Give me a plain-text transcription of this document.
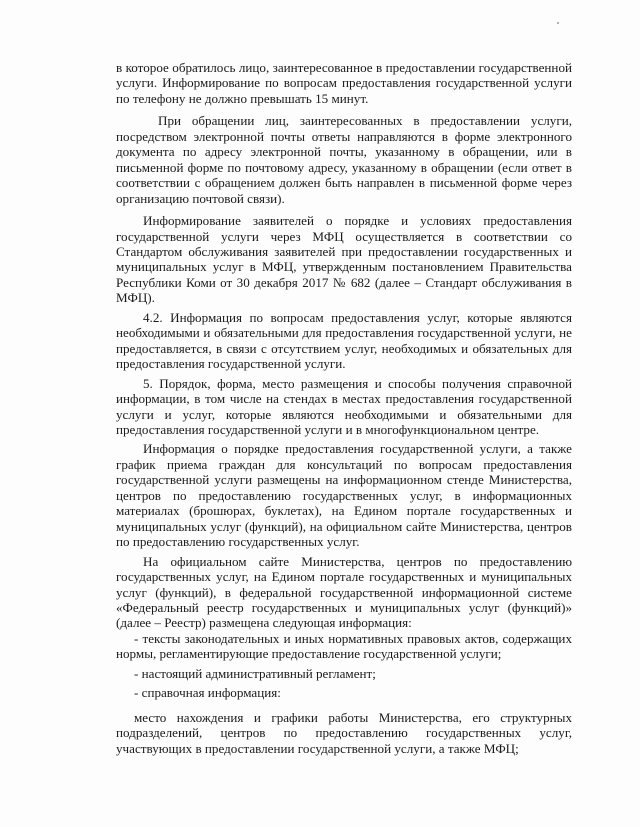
в которое обратилось лицо, заинтересованное в предоставлении государственной услуги. Информирование по вопросам предоставления государственной услуги по телефону не должно превышать 15 минут.

При обращении лиц, заинтересованных в предоставлении услуги, посредством электронной почты ответы направляются в форме электронного документа по адресу электронной почты, указанному в обращении, или в письменной форме по почтовому адресу, указанному в обращении (если ответ в соответствии с обращением должен быть направлен в письменной форме через организацию почтовой связи).

Информирование заявителей о порядке и условиях предоставления государственной услуги через МФЦ осуществляется в соответствии со Стандартом обслуживания заявителей при предоставлении государственных и муниципальных услуг в МФЦ, утвержденным постановлением Правительства Республики Коми от 30 декабря 2017 № 682 (далее – Стандарт обслуживания в МФЦ).

4.2. Информация по вопросам предоставления услуг, которые являются необходимыми и обязательными для предоставления государственной услуги, не предоставляется, в связи с отсутствием услуг, необходимых и обязательных для предоставления государственной услуги.

5. Порядок, форма, место размещения и способы получения справочной информации, в том числе на стендах в местах предоставления государственной услуги и услуг, которые являются необходимыми и обязательными для предоставления государственной услуги и в многофункциональном центре.

Информация о порядке предоставления государственной услуги, а также график приема граждан для консультаций по вопросам предоставления государственной услуги размещены на информационном стенде Министерства, центров по предоставлению государственных услуг, в информационных материалах (брошюрах, буклетах), на Едином портале государственных и муниципальных услуг (функций), на официальном сайте Министерства, центров по предоставлению государственных услуг.

На официальном сайте Министерства, центров по предоставлению государственных услуг, на Едином портале государственных и муниципальных услуг (функций), в федеральной государственной информационной системе «Федеральный реестр государственных и муниципальных услуг (функций)» (далее – Реестр) размещена следующая информация:

- тексты законодательных и иных нормативных правовых актов, содержащих нормы, регламентирующие предоставление государственной услуги;

- настоящий административный регламент;

- справочная информация:

место нахождения и графики работы Министерства, его структурных подразделений, центров по предоставлению государственных услуг, участвующих в предоставлении государственной услуги, а также МФЦ;
